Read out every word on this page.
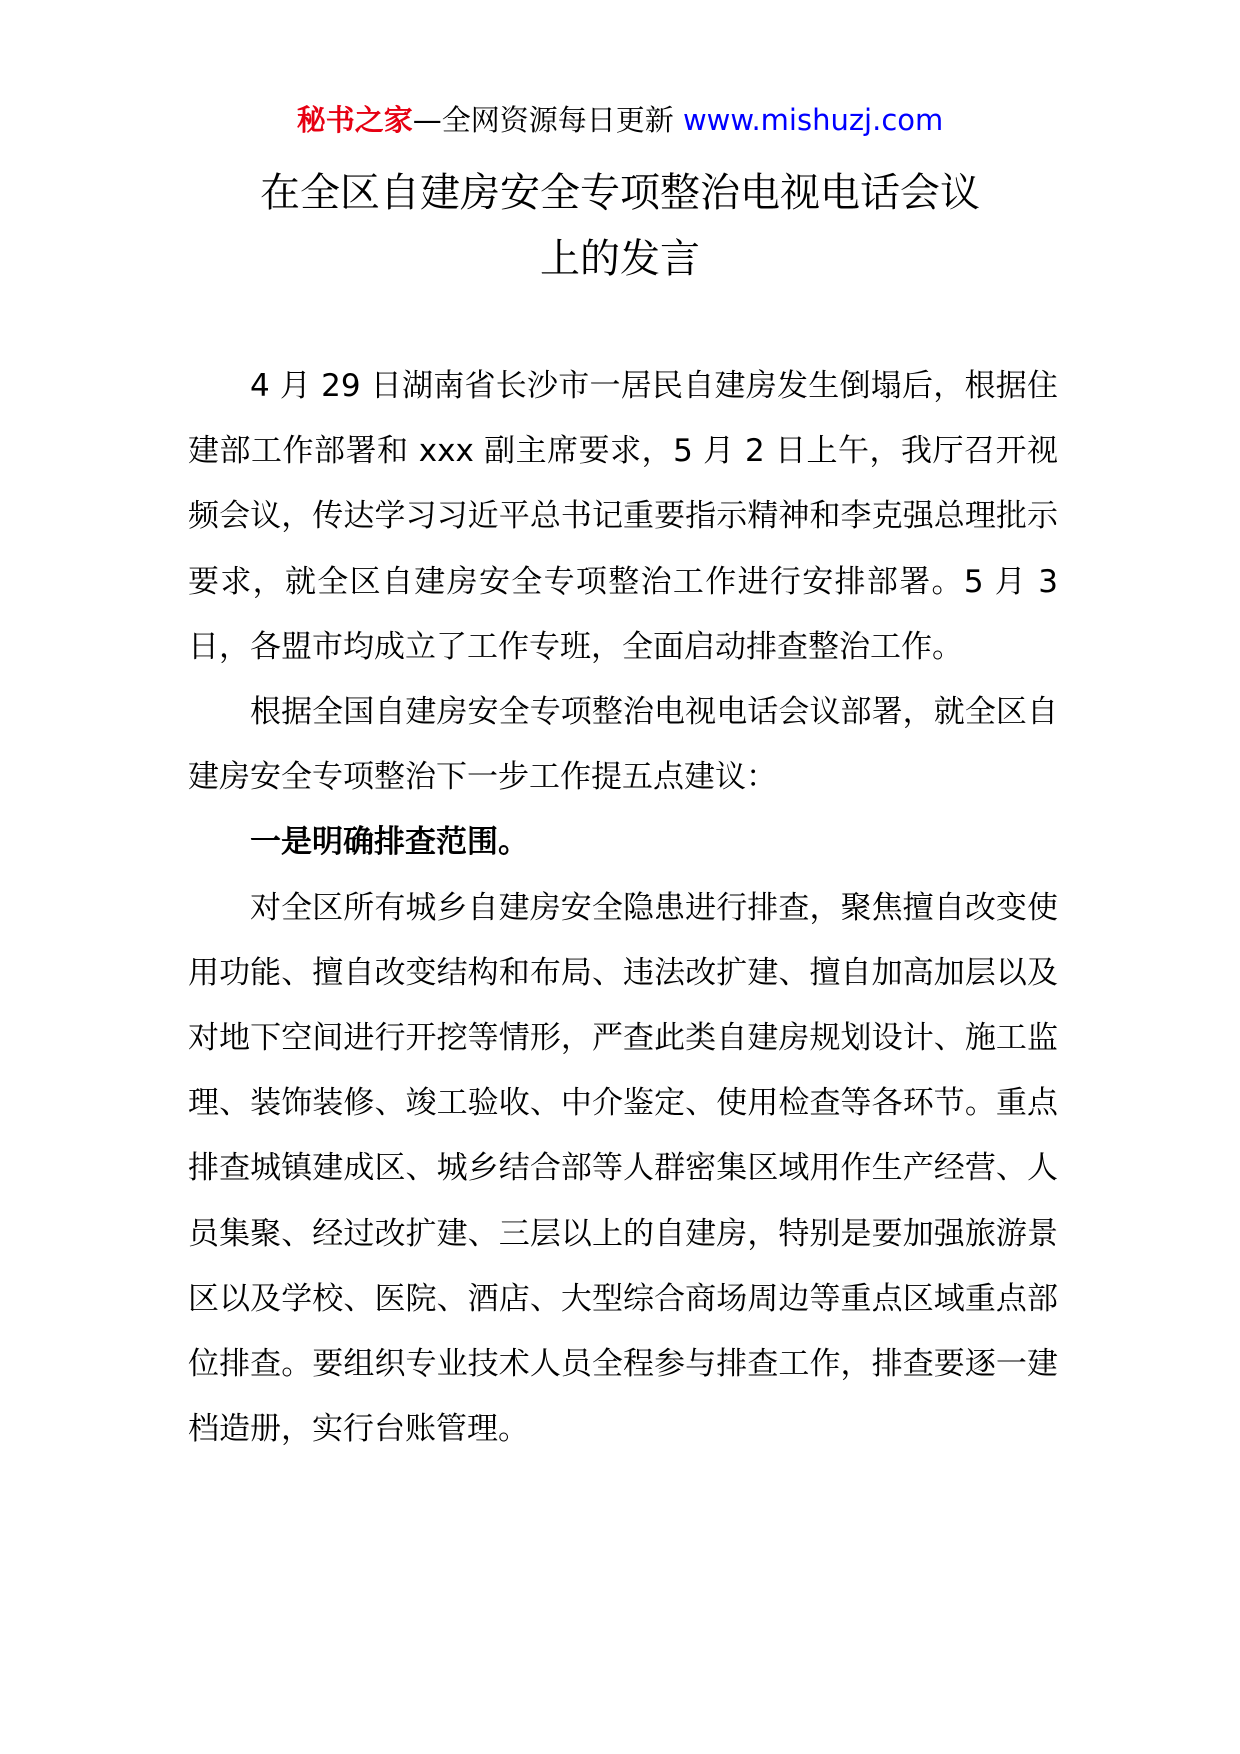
秘书之家—全网资源每日更新 www.mishuzj.com
在全区自建房安全专项整治电视电话会议
上的发言

4 月 29 日湖南省长沙市一居民自建房发生倒塌后，根据住建部工作部署和 xxx 副主席要求，5 月 2 日上午，我厅召开视频会议，传达学习习近平总书记重要指示精神和李克强总理批示要求，就全区自建房安全专项整治工作进行安排部署。5 月 3 日，各盟市均成立了工作专班，全面启动排查整治工作。

根据全国自建房安全专项整治电视电话会议部署，就全区自建房安全专项整治下一步工作提五点建议：

一是明确排查范围。

对全区所有城乡自建房安全隐患进行排查，聚焦擅自改变使用功能、擅自改变结构和布局、违法改扩建、擅自加高加层以及对地下空间进行开挖等情形，严查此类自建房规划设计、施工监理、装饰装修、竣工验收、中介鉴定、使用检查等各环节。重点排查城镇建成区、城乡结合部等人群密集区域用作生产经营、人员集聚、经过改扩建、三层以上的自建房，特别是要加强旅游景区以及学校、医院、酒店、大型综合商场周边等重点区域重点部位排查。要组织专业技术人员全程参与排查工作，排查要逐一建档造册，实行台账管理。
